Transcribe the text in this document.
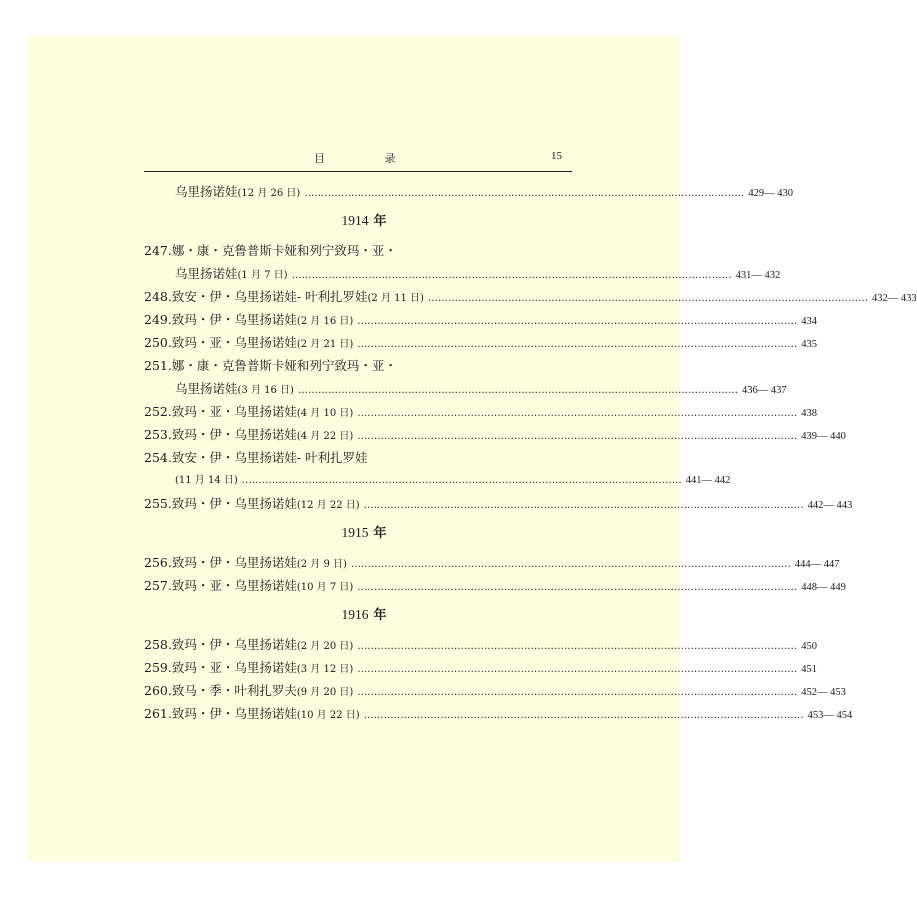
目 录	15
乌里扬诺娃 (12 月 26 日) …………………………………………………………………………………………………………………… 429— 430
1914 年
247.娜・康・克鲁普斯卡娅和列宁致玛・亚・
乌里扬诺娃 (1 月 7 日) …………………………………………………………………………………………………………………… 431— 432
248.致安・伊・乌里扬诺娃- 叶利扎罗娃 (2 月 11 日) …………………………………………………………………………………………………………………… 432— 433
249.致玛・伊・乌里扬诺娃 (2 月 16 日) …………………………………………………………………………………………………………………… 434
250.致玛・亚・乌里扬诺娃 (2 月 21 日) …………………………………………………………………………………………………………………… 435
251.娜・康・克鲁普斯卡娅和列宁致玛・亚・
乌里扬诺娃 (3 月 16 日) …………………………………………………………………………………………………………………… 436— 437
252.致玛・亚・乌里扬诺娃 (4 月 10 日) …………………………………………………………………………………………………………………… 438
253.致玛・伊・乌里扬诺娃 (4 月 22 日) …………………………………………………………………………………………………………………… 439— 440
254.致安・伊・乌里扬诺娃- 叶利扎罗娃
(11 月 14 日) …………………………………………………………………………………………………………………… 441— 442
255.致玛・伊・乌里扬诺娃 (12 月 22 日) …………………………………………………………………………………………………………………… 442— 443
1915 年
256.致玛・伊・乌里扬诺娃 (2 月 9 日) …………………………………………………………………………………………………………………… 444— 447
257.致玛・亚・乌里扬诺娃 (10 月 7 日) …………………………………………………………………………………………………………………… 448— 449
1916 年
258.致玛・伊・乌里扬诺娃 (2 月 20 日) …………………………………………………………………………………………………………………… 450
259.致玛・亚・乌里扬诺娃 (3 月 12 日) …………………………………………………………………………………………………………………… 451
260.致马・季・叶利扎罗夫 (9 月 20 日) …………………………………………………………………………………………………………………… 452— 453
261.致玛・伊・乌里扬诺娃 (10 月 22 日) …………………………………………………………………………………………………………………… 453— 454
